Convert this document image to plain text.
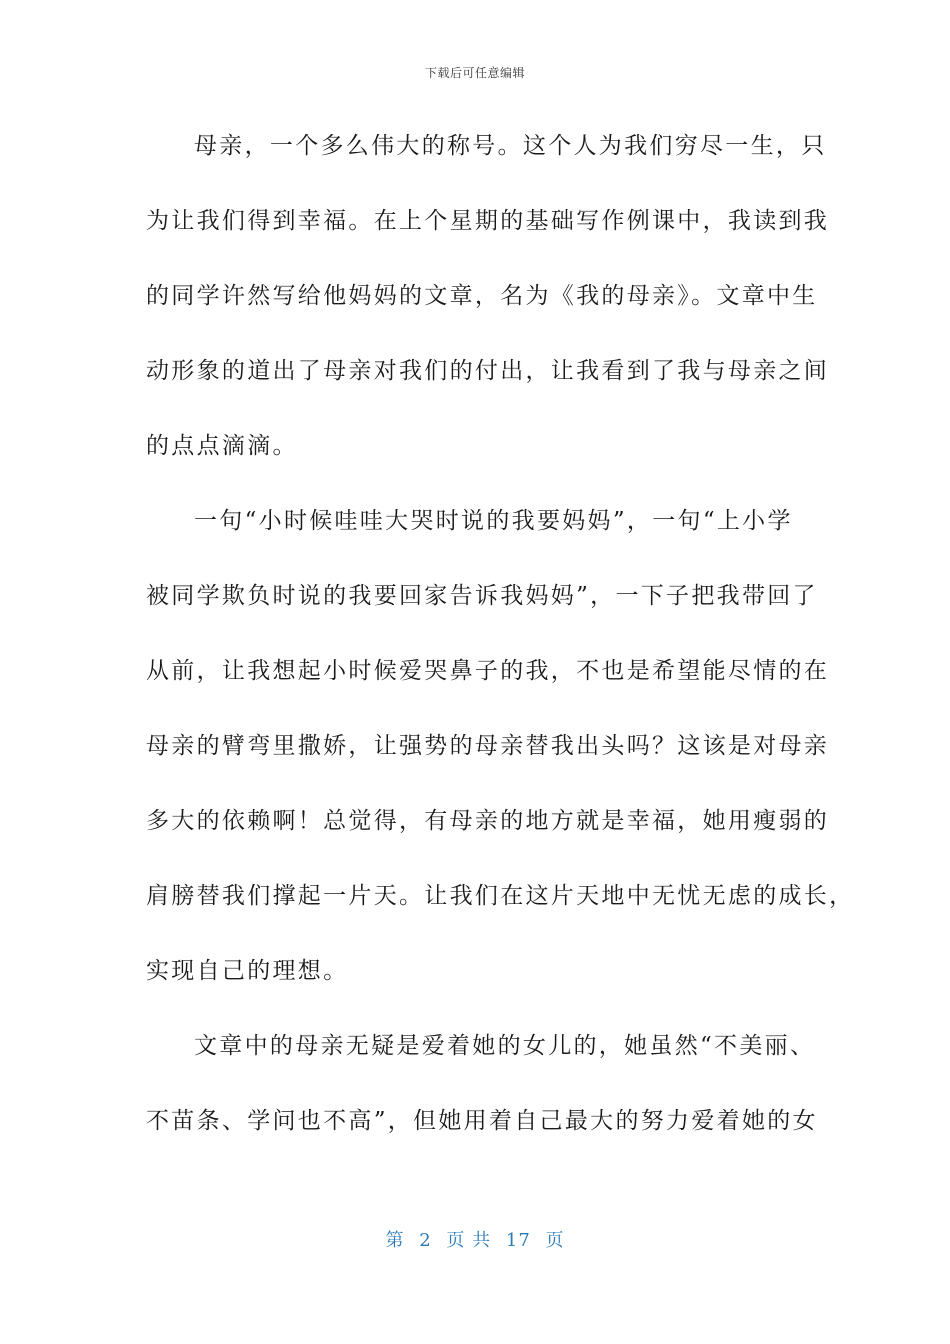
下载后可任意编辑
母亲，一个多么伟大的称号。这个人为我们穷尽一生，只
为让我们得到幸福。在上个星期的基础写作例课中，我读到我
的同学许然写给他妈妈的文章，名为《我的母亲》。文章中生
动形象的道出了母亲对我们的付出，让我看到了我与母亲之间
的点点滴滴。
一句“小时候哇哇大哭时说的我要妈妈”，一句“上小学
被同学欺负时说的我要回家告诉我妈妈”，一下子把我带回了
从前，让我想起小时候爱哭鼻子的我，不也是希望能尽情的在
母亲的臂弯里撒娇，让强势的母亲替我出头吗？这该是对母亲
多大的依赖啊！总觉得，有母亲的地方就是幸福，她用瘦弱的
肩膀替我们撑起一片天。让我们在这片天地中无忧无虑的成长，
实现自己的理想。
文章中的母亲无疑是爱着她的女儿的，她虽然“不美丽、
不苗条、学问也不高”，但她用着自己最大的努力爱着她的女
第 2 页 共 17 页
